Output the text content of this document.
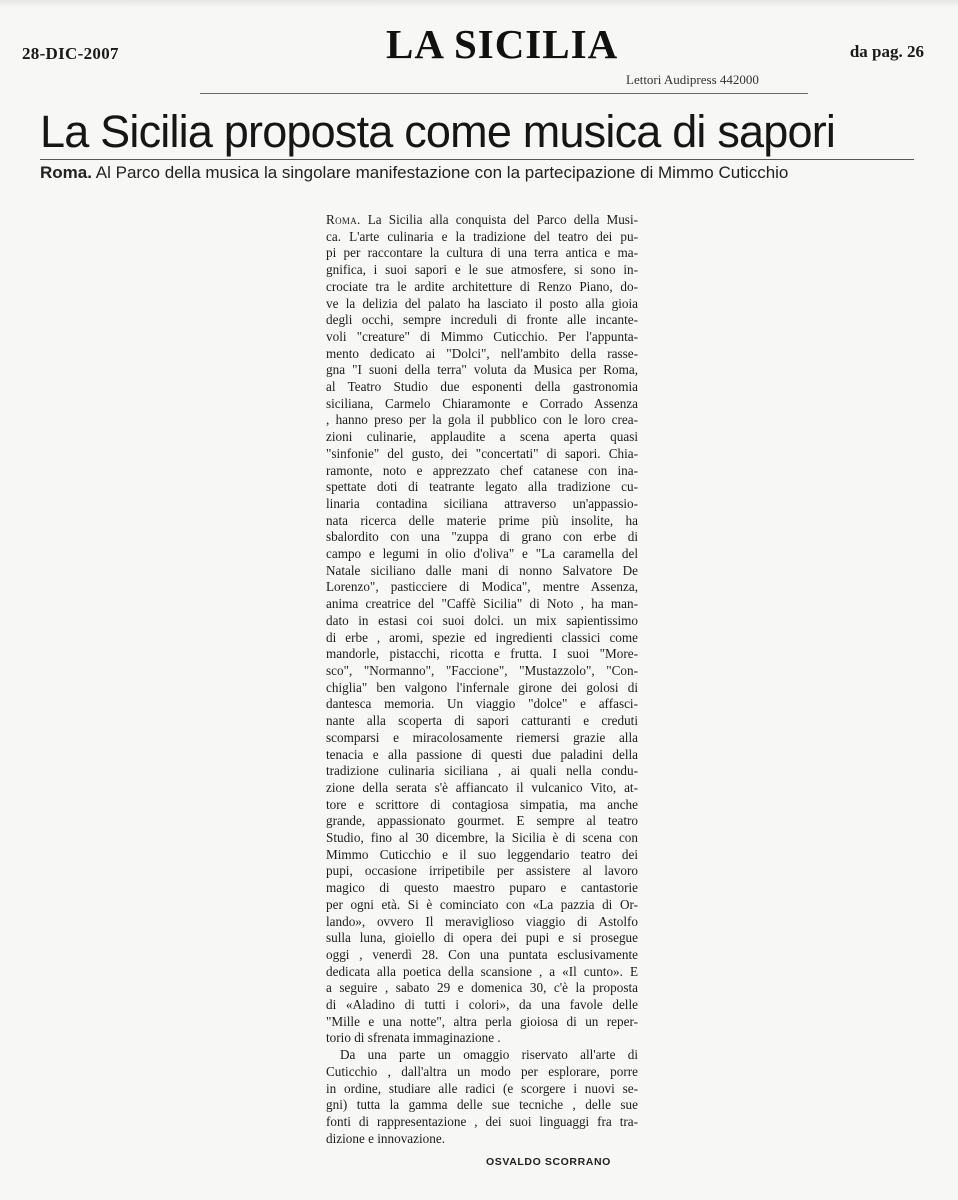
28-DIC-2007	LA SICILIA	da pag. 26
Lettori Audipress 442000
La Sicilia proposta come musica di sapori
Roma. Al Parco della musica la singolare manifestazione con la partecipazione di Mimmo Cuticchio
Roma. La Sicilia alla conquista del Parco della Musi-
ca. L'arte culinaria e la tradizione del teatro dei pu-
pi per raccontare la cultura di una terra antica e ma-
gnifica, i suoi sapori e le sue atmosfere, si sono in-
crociate tra le ardite architetture di Renzo Piano, do-
ve la delizia del palato ha lasciato il posto alla gioia
degli occhi, sempre increduli di fronte alle incante-
voli "creature" di Mimmo Cuticchio. Per l'appunta-
mento dedicato ai "Dolci", nell'ambito della rasse-
gna "I suoni della terra" voluta da Musica per Roma,
al Teatro Studio due esponenti della gastronomia
siciliana, Carmelo Chiaramonte e Corrado Assenza
, hanno preso per la gola il pubblico con le loro crea-
zioni culinarie, applaudite a scena aperta quasi
"sinfonie" del gusto, dei "concertati" di sapori. Chia-
ramonte, noto e apprezzato chef catanese con ina-
spettate doti di teatrante legato alla tradizione cu-
linaria contadina siciliana attraverso un'appassio-
nata ricerca delle materie prime più insolite, ha
sbalordito con una "zuppa di grano con erbe di
campo e legumi in olio d'oliva" e "La caramella del
Natale siciliano dalle mani di nonno Salvatore De
Lorenzo", pasticciere di Modica", mentre Assenza,
anima creatrice del "Caffè Sicilia" di Noto , ha man-
dato in estasi coi suoi dolci. un mix sapientissimo
di erbe , aromi, spezie ed ingredienti classici come
mandorle, pistacchi, ricotta e frutta. I suoi "More-
sco", "Normanno", "Faccione", "Mustazzolo", "Con-
chiglia" ben valgono l'infernale girone dei golosi di
dantesca memoria. Un viaggio "dolce" e affasci-
nante alla scoperta di sapori catturanti e creduti
scomparsi e miracolosamente riemersi grazie alla
tenacia e alla passione di questi due paladini della
tradizione culinaria siciliana , ai quali nella condu-
zione della serata s'è affiancato il vulcanico Vito, at-
tore e scrittore di contagiosa simpatia, ma anche
grande, appassionato gourmet. E sempre al teatro
Studio, fino al 30 dicembre, la Sicilia è di scena con
Mimmo Cuticchio e il suo leggendario teatro dei
pupi, occasione irripetibile per assistere al lavoro
magico di questo maestro puparo e cantastorie
per ogni età. Si è cominciato con «La pazzia di Or-
lando», ovvero Il meraviglioso viaggio di Astolfo
sulla luna, gioiello di opera dei pupi e si prosegue
oggi , venerdì 28. Con una puntata esclusivamente
dedicata alla poetica della scansione , a «Il cunto». E
a seguire , sabato 29 e domenica 30, c'è la proposta
di «Aladino di tutti i colori», da una favole delle
"Mille e una notte", altra perla gioiosa di un reper-
torio di sfrenata immaginazione .
Da una parte un omaggio riservato all'arte di
Cuticchio , dall'altra un modo per esplorare, porre
in ordine, studiare alle radici (e scorgere i nuovi se-
gni) tutta la gamma delle sue tecniche , delle sue
fonti di rappresentazione , dei suoi linguaggi fra tra-
dizione e innovazione.
OSVALDO SCORRANO
